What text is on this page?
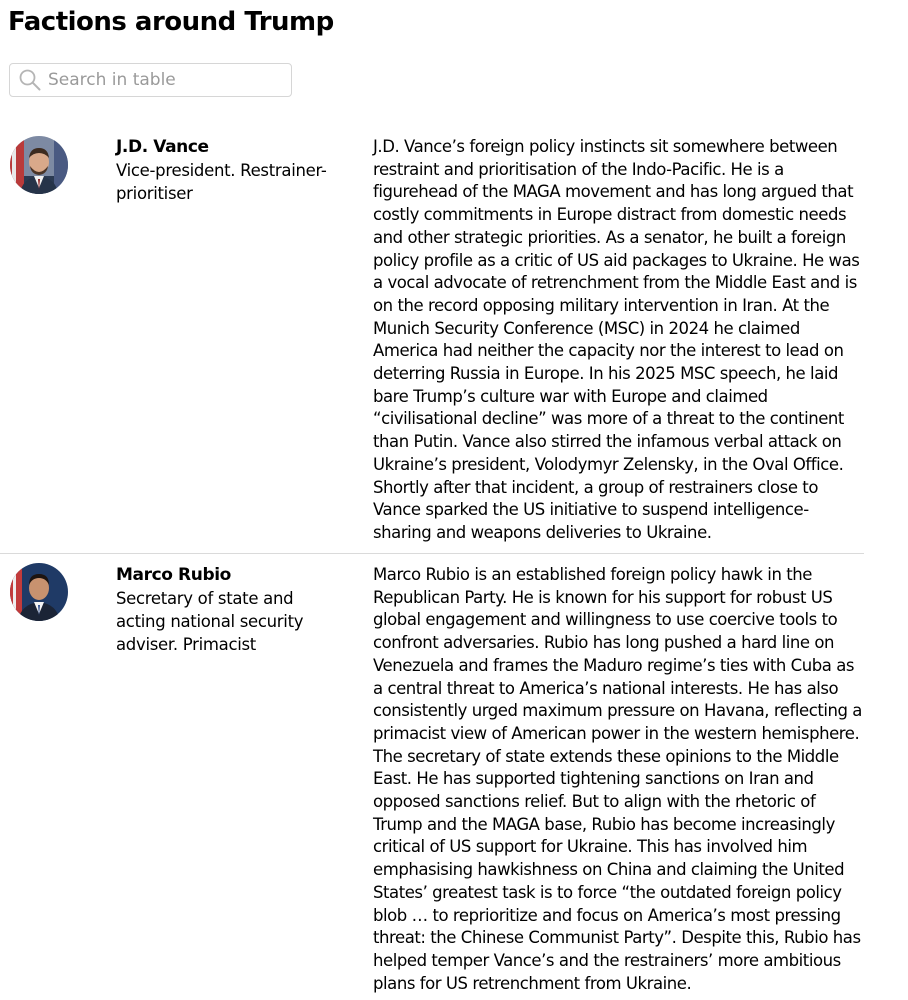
Factions around Trump
Search in table
J.D. Vance
Vice-president. Restrainer-prioritiser
J.D. Vance’s foreign policy instincts sit somewhere between restraint and prioritisation of the Indo-Pacific. He is a figurehead of the MAGA movement and has long argued that costly commitments in Europe distract from domestic needs and other strategic priorities. As a senator, he built a foreign policy profile as a critic of US aid packages to Ukraine. He was a vocal advocate of retrenchment from the Middle East and is on the record opposing military intervention in Iran. At the Munich Security Conference (MSC) in 2024 he claimed America had neither the capacity nor the interest to lead on deterring Russia in Europe. In his 2025 MSC speech, he laid bare Trump’s culture war with Europe and claimed “civilisational decline” was more of a threat to the continent than Putin. Vance also stirred the infamous verbal attack on Ukraine’s president, Volodymyr Zelensky, in the Oval Office. Shortly after that incident, a group of restrainers close to Vance sparked the US initiative to suspend intelligence-sharing and weapons deliveries to Ukraine.
Marco Rubio
Secretary of state and acting national security adviser. Primacist
Marco Rubio is an established foreign policy hawk in the Republican Party. He is known for his support for robust US global engagement and willingness to use coercive tools to confront adversaries. Rubio has long pushed a hard line on Venezuela and frames the Maduro regime’s ties with Cuba as a central threat to America’s national interests. He has also consistently urged maximum pressure on Havana, reflecting a primacist view of American power in the western hemisphere. The secretary of state extends these opinions to the Middle East. He has supported tightening sanctions on Iran and opposed sanctions relief. But to align with the rhetoric of Trump and the MAGA base, Rubio has become increasingly critical of US support for Ukraine. This has involved him emphasising hawkishness on China and claiming the United States’ greatest task is to force “the outdated foreign policy blob … to reprioritize and focus on America’s most pressing threat: the Chinese Communist Party”. Despite this, Rubio has helped temper Vance’s and the restrainers’ more ambitious plans for US retrenchment from Ukraine.
